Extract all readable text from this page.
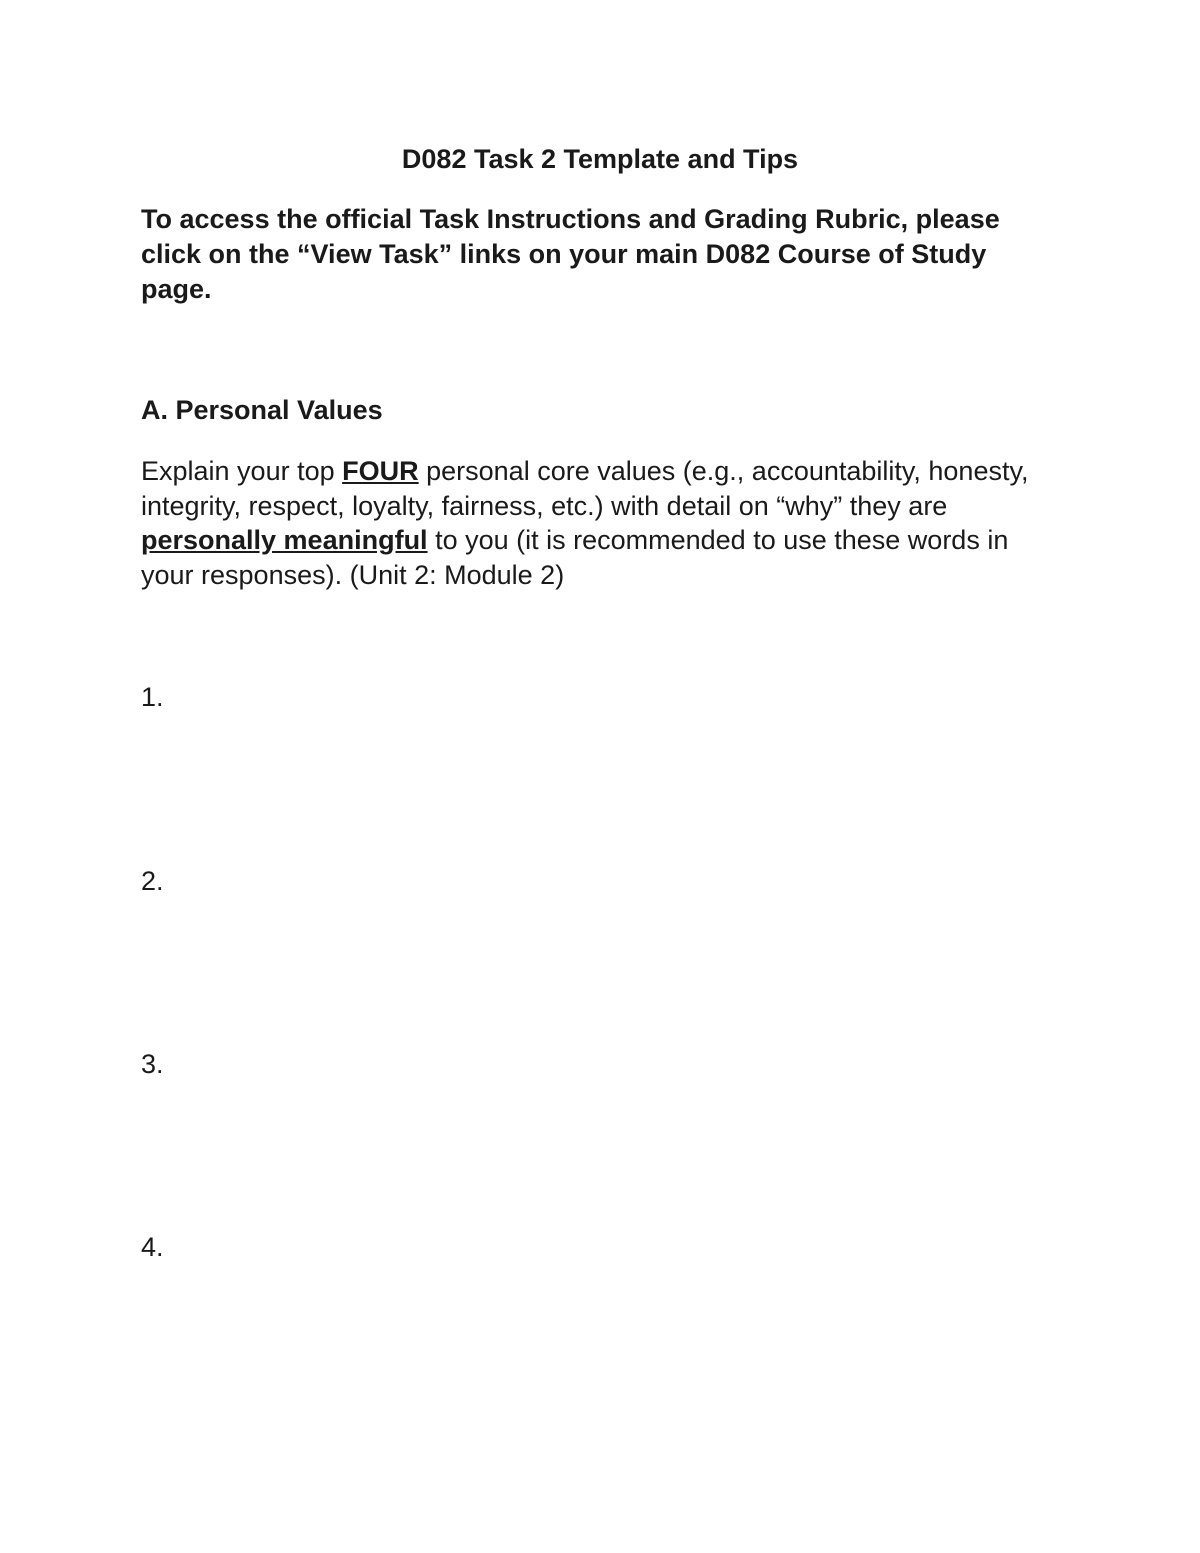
D082 Task 2 Template and Tips

To access the official Task Instructions and Grading Rubric, please click on the “View Task” links on your main D082 Course of Study page.

A. Personal Values

Explain your top FOUR personal core values (e.g., accountability, honesty, integrity, respect, loyalty, fairness, etc.) with detail on “why” they are personally meaningful to you (it is recommended to use these words in your responses). (Unit 2: Module 2)

1.

2.

3.

4.
